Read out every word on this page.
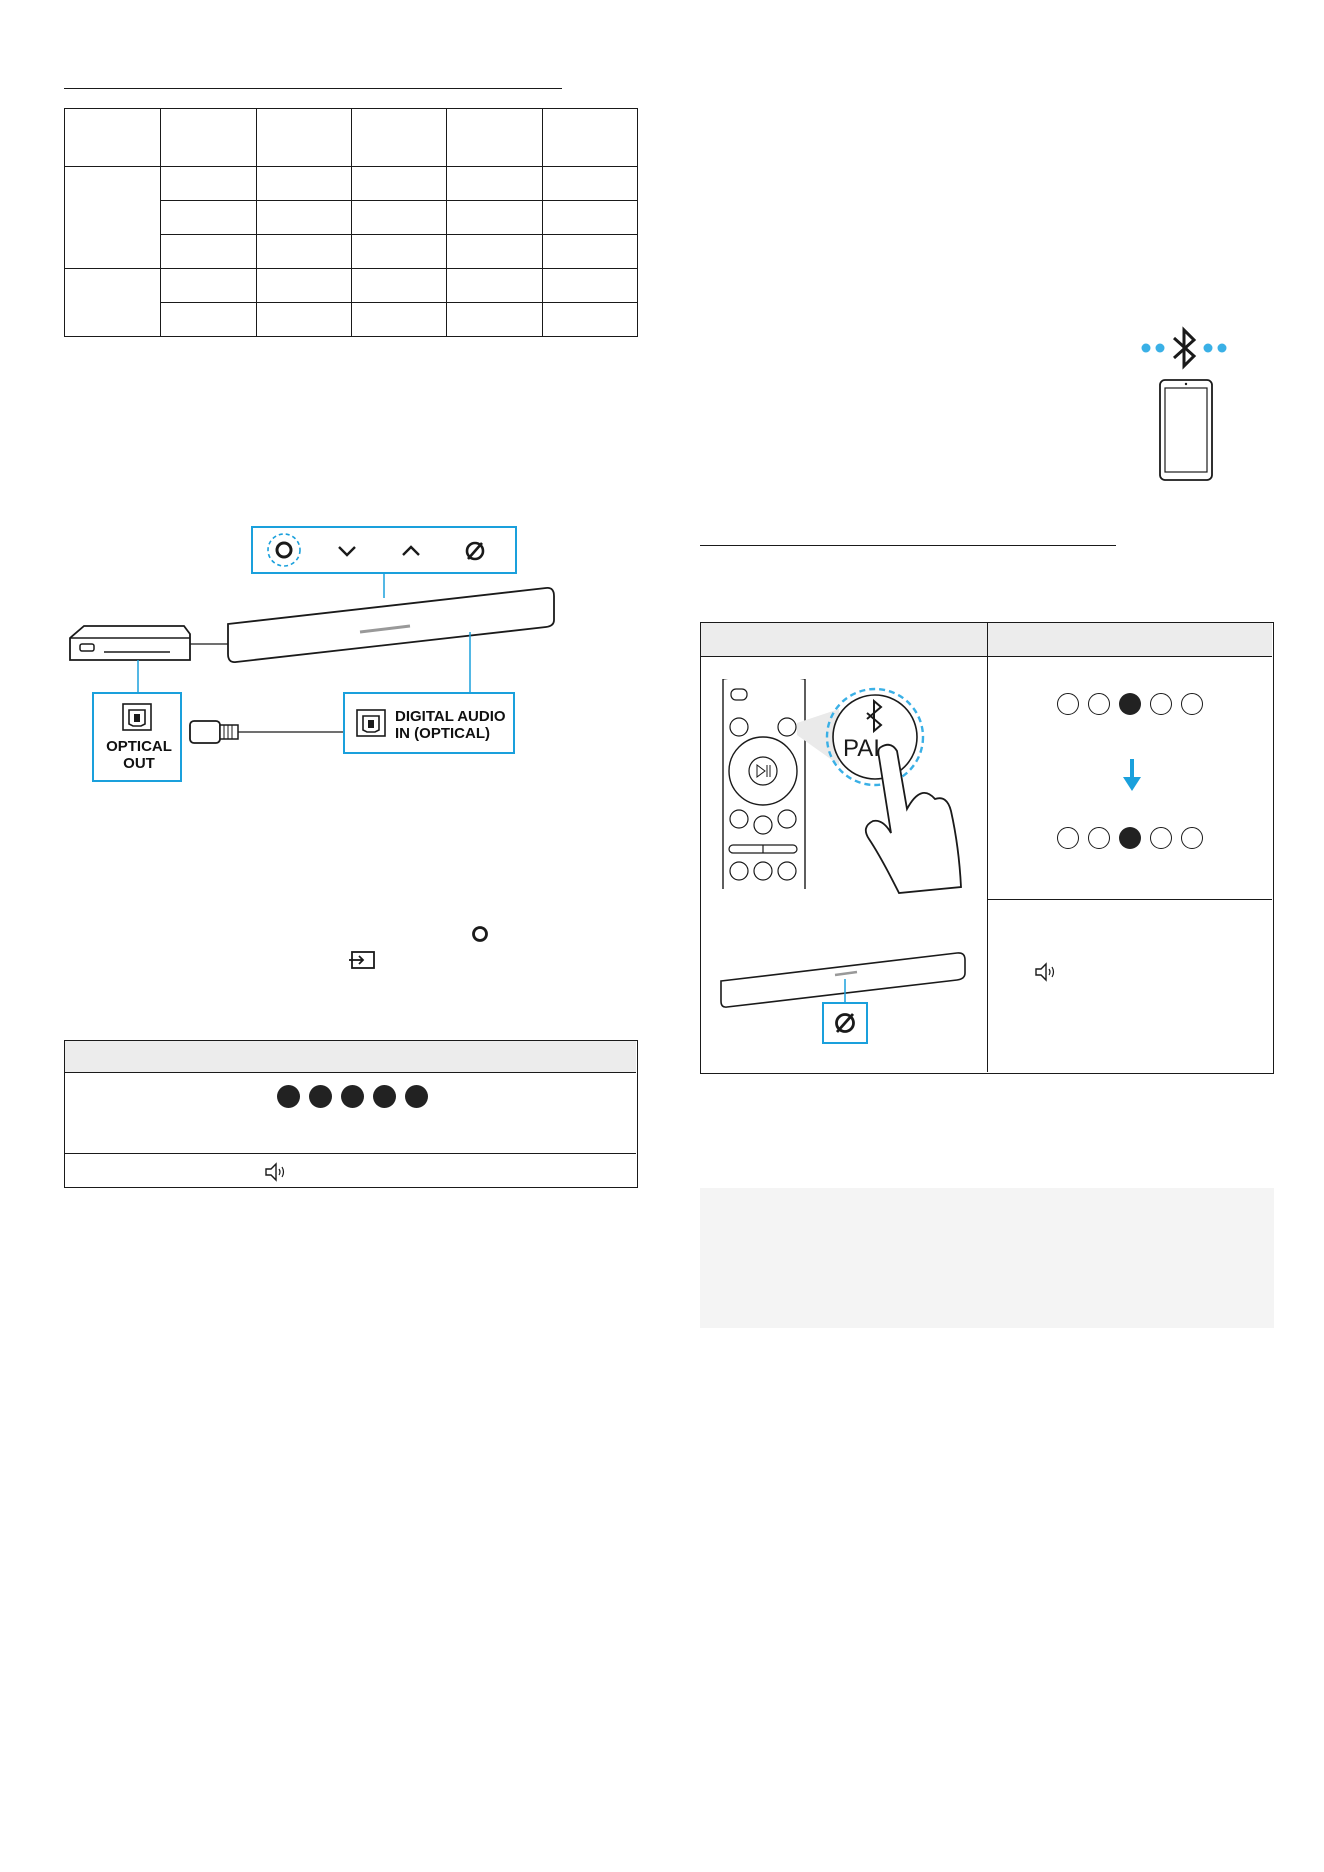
OPTICAL OUT
DIGITAL AUDIO IN (OPTICAL)
PAI
